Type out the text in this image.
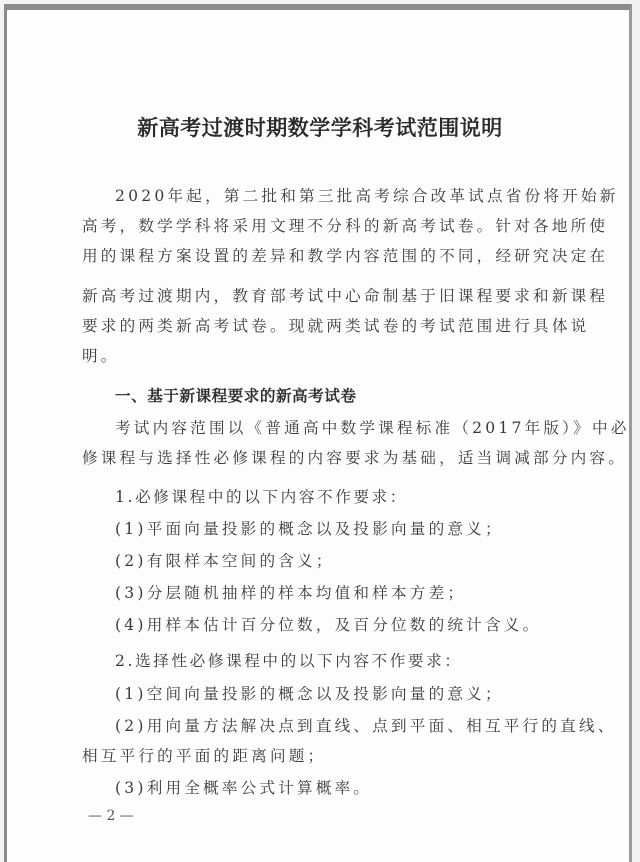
新高考过渡时期数学学科考试范围说明
2020年起，第二批和第三批高考综合改革试点省份将开始新
高考，数学学科将采用文理不分科的新高考试卷。针对各地所使
用的课程方案设置的差异和教学内容范围的不同，经研究决定在
新高考过渡期内，教育部考试中心命制基于旧课程要求和新课程
要求的两类新高考试卷。现就两类试卷的考试范围进行具体说
明。
一、基于新课程要求的新高考试卷
考试内容范围以《普通高中数学课程标准（2017年版）》中必
修课程与选择性必修课程的内容要求为基础，适当调减部分内容。
1.必修课程中的以下内容不作要求：
(1)平面向量投影的概念以及投影向量的意义；
(2)有限样本空间的含义；
(3)分层随机抽样的样本均值和样本方差；
(4)用样本估计百分位数，及百分位数的统计含义。
2.选择性必修课程中的以下内容不作要求：
(1)空间向量投影的概念以及投影向量的意义；
(2)用向量方法解决点到直线、点到平面、相互平行的直线、
相互平行的平面的距离问题；
(3)利用全概率公式计算概率。
— 2 —
